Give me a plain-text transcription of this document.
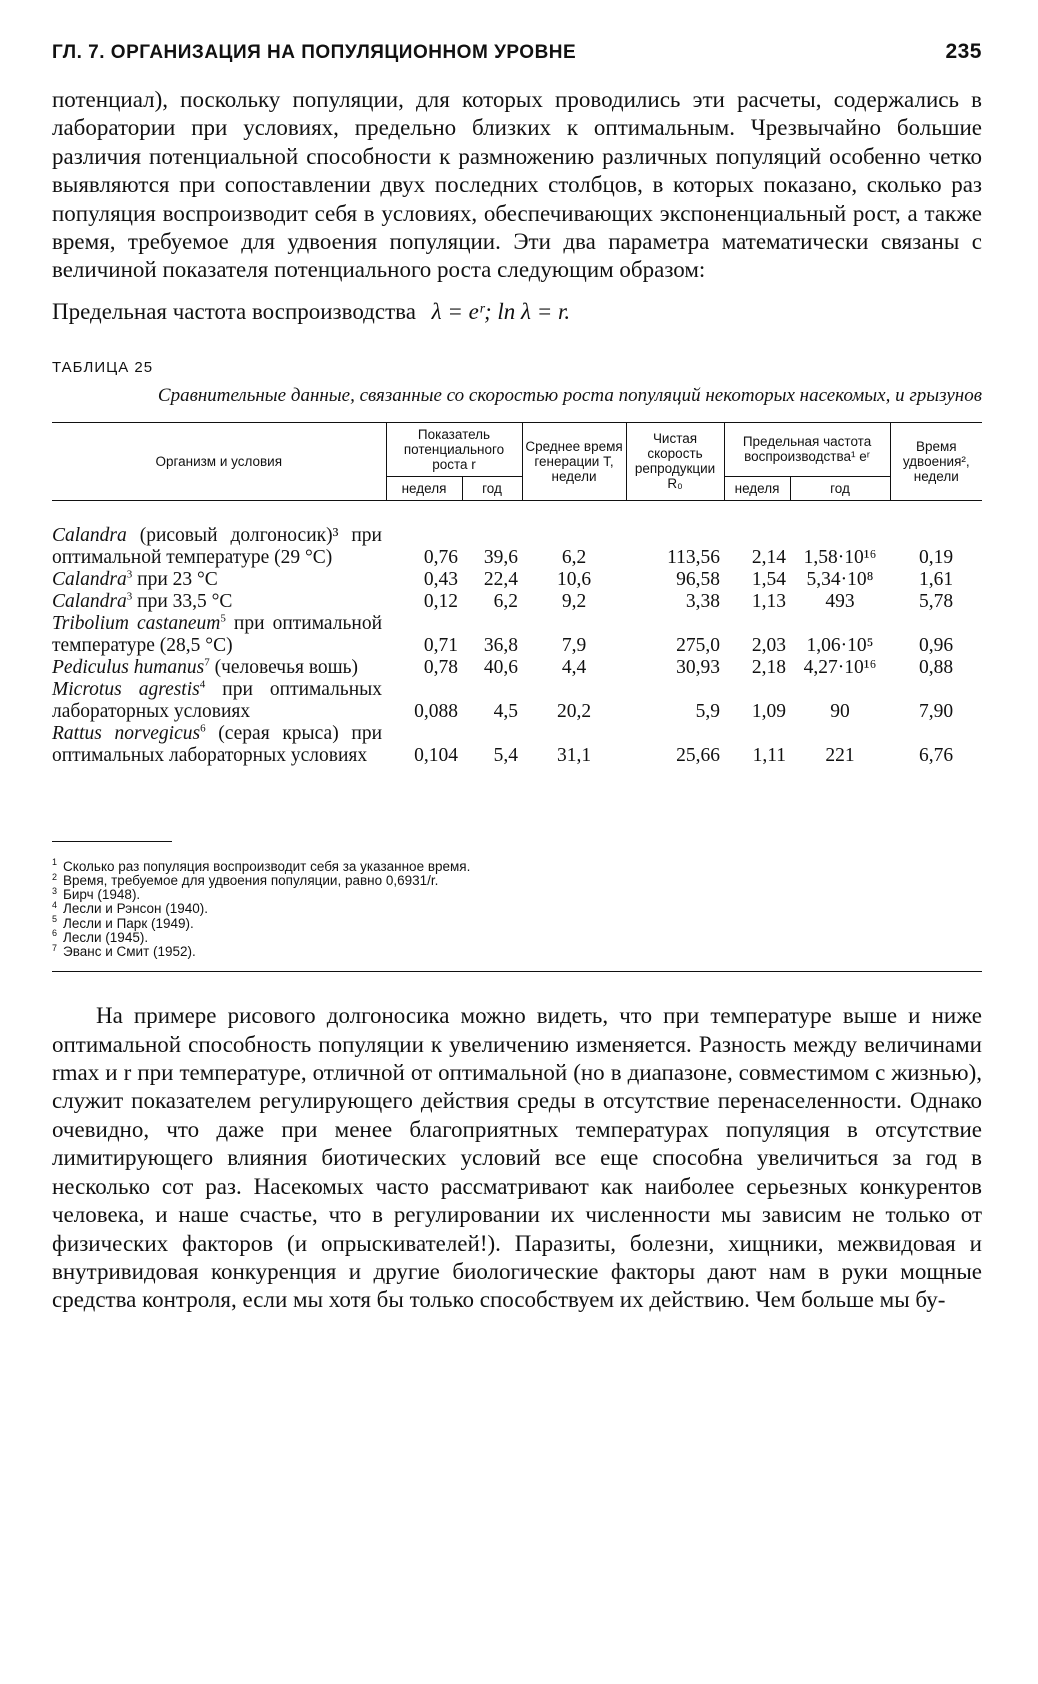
ГЛ. 7. ОРГАНИЗАЦИЯ НА ПОПУЛЯЦИОННОМ УРОВНЕ	235

потенциал), поскольку популяции, для которых проводились эти расчеты, содержались в лаборатории при условиях, предельно близких к оптимальным. Чрезвычайно большие различия потенциальной способности к размножению различных популяций особенно четко выявляются при сопоставлении двух последних столбцов, в которых показано, сколько раз популяция воспроизводит себя в условиях, обеспечивающих экспоненциальный рост, а также время, требуемое для удвоения популяции. Эти два параметра математически связаны с величиной показателя потенциального роста следующим образом:

Предельная частота воспроизводства λ = eʳ; ln λ = r.
ТАБЛИЦА 25
Сравнительные данные, связанные со скоростью роста популяций некоторых насекомых, и грызунов
Организм и условия	Показатель потенциального роста r		Среднее время генерации T, недели	Чистая скорость репродукции R₀	Предельная частота воспроизводства¹ eʳ		Время удвоения², недели
	неделя	год			неделя	год	

Calandra (рисовый долгоносик)³ при оптимальной температуре (29 °C)	0,76	39,6	6,2	113,56	2,14	1,58·10¹⁶	0,19
Calandra$^3$ при 23 °C	0,43	22,4	10,6	96,58	1,54	5,34·10⁸	1,61
Calandra$^3$ при 33,5 °C	0,12	6,2	9,2	3,38	1,13	493	5,78
Tribolium castaneum$^5$ при оптимальной температуре (28,5 °C)	0,71	36,8	7,9	275,0	2,03	1,06·10⁵	0,96
Pediculus humanus$^7$ (человечья вошь)	0,78	40,6	4,4	30,93	2,18	4,27·10¹⁶	0,88
Microtus agrestis$^4$ при оптимальных лабораторных условиях	0,088	4,5	20,2	5,9	1,09	90	7,90
Rattus norvegicus$^6$ (серая крыса) при оптимальных лабораторных условиях	0,104	5,4	31,1	25,66	1,11	221	6,76

$^1$ Сколько раз популяция воспроизводит себя за указанное время.
$^2$ Время, требуемое для удвоения популяции, равно 0,6931/r.
$^3$ Бирч (1948).
$^4$ Лесли и Рэнсон (1940).
$^5$ Лесли и Парк (1949).
$^6$ Лесли (1945).
$^7$ Эванс и Смит (1952).

На примере рисового долгоносика можно видеть, что при температуре выше и ниже оптимальной способность популяции к увеличению изменяется. Разность между величинами rmax и r при температуре, отличной от оптимальной (но в диапазоне, совместимом с жизнью), служит показателем регулирующего действия среды в отсутствие перенаселенности. Однако очевидно, что даже при менее благоприятных температурах популяция в отсутствие лимитирующего влияния биотических условий все еще способна увеличиться за год в несколько сот раз. Насекомых часто рассматривают как наиболее серьезных конкурентов человека, и наше счастье, что в регулировании их численности мы зависим не только от физических факторов (и опрыскивателей!). Паразиты, болезни, хищники, межвидовая и внутривидовая конкуренция и другие биологические факторы дают нам в руки мощные средства контроля, если мы хотя бы только способствуем их действию. Чем больше мы бу-
